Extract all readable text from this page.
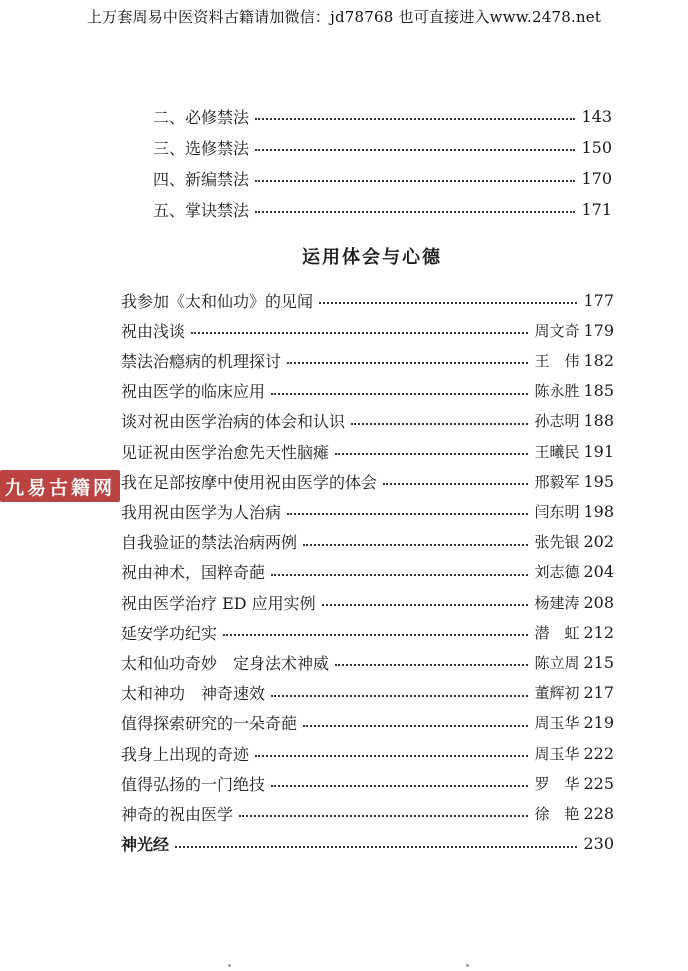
上万套周易中医资料古籍请加微信：jd78768 也可直接进入www.2478.net
二、必修禁法	143
三、选修禁法	150
四、新编禁法	170
五、掌诀禁法	171
运用体会与心德
我参加《太和仙功》的见闻	177
祝由浅谈	周文奇 179
禁法治瘾病的机理探讨	王　伟 182
祝由医学的临床应用	陈永胜 185
谈对祝由医学治病的体会和认识	孙志明 188
见证祝由医学治愈先天性脑瘫	王曦民 191
我在足部按摩中使用祝由医学的体会	邢毅军 195
我用祝由医学为人治病	闫东明 198
自我验证的禁法治病两例	张先银 202
祝由神术，国粹奇葩	刘志德 204
祝由医学治疗 ED 应用实例	杨建涛 208
延安学功纪实	潜　虹 212
太和仙功奇妙　定身法术神威	陈立周 215
太和神功　神奇速效	董辉初 217
值得探索研究的一朵奇葩	周玉华 219
我身上出现的奇迹	周玉华 222
值得弘扬的一门绝技	罗　华 225
神奇的祝由医学	徐　艳 228
神光经	230
九易古籍网
